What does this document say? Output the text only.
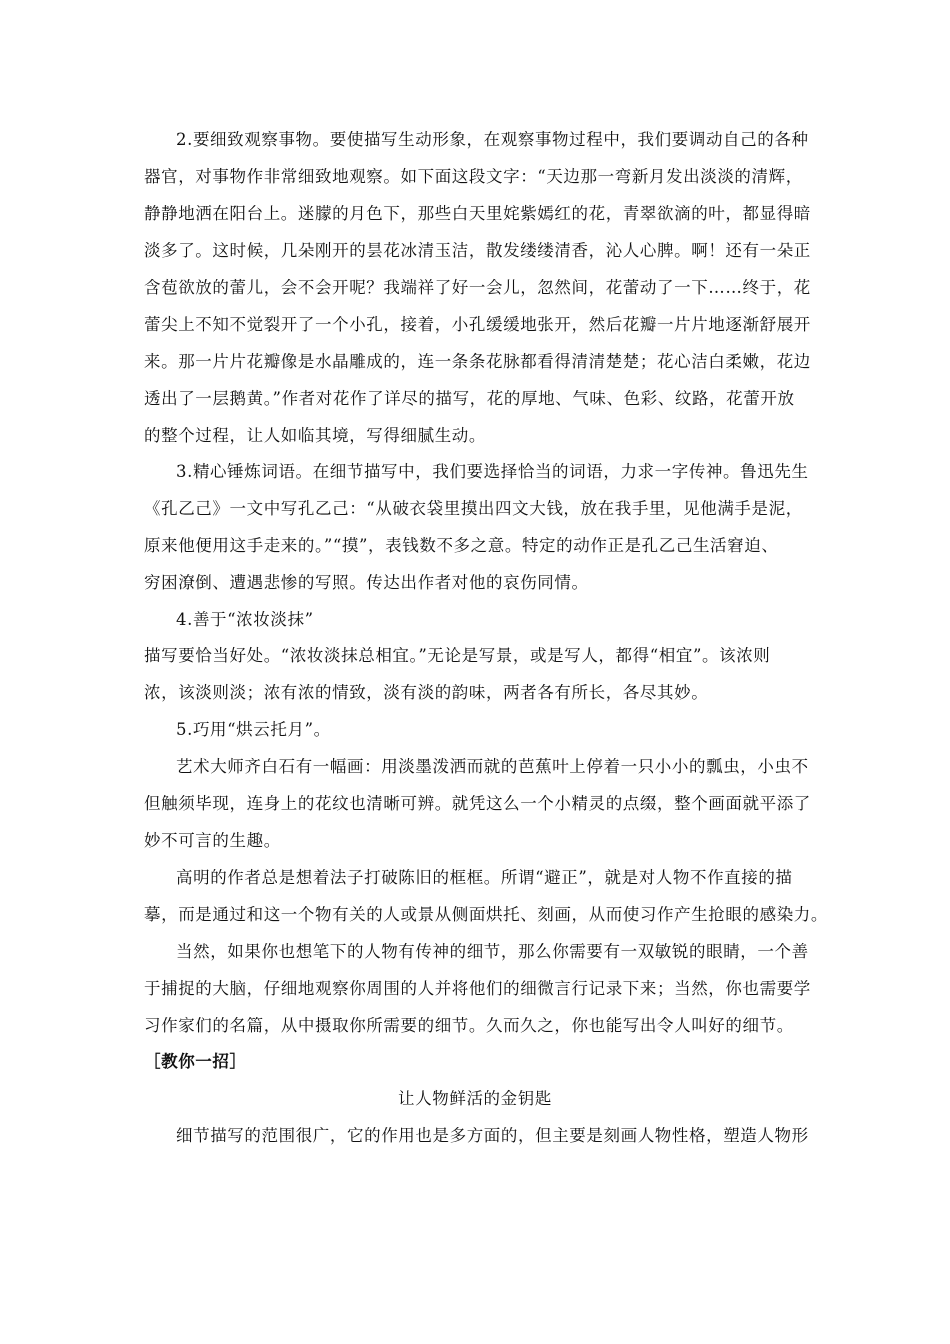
2.要细致观察事物。要使描写生动形象，在观察事物过程中，我们要调动自己的各种
器官，对事物作非常细致地观察。如下面这段文字：“天边那一弯新月发出淡淡的清辉，
静静地洒在阳台上。迷朦的月色下，那些白天里姹紫嫣红的花，青翠欲滴的叶，都显得暗
淡多了。这时候，几朵刚开的昙花冰清玉洁，散发缕缕清香，沁人心脾。啊！还有一朵正
含苞欲放的蕾儿，会不会开呢？我端祥了好一会儿，忽然间，花蕾动了一下……终于，花
蕾尖上不知不觉裂开了一个小孔，接着，小孔缓缓地张开，然后花瓣一片片地逐渐舒展开
来。那一片片花瓣像是水晶雕成的，连一条条花脉都看得清清楚楚；花心洁白柔嫩，花边
透出了一层鹅黄。”作者对花作了详尽的描写，花的厚地、气味、色彩、纹路，花蕾开放
的整个过程，让人如临其境，写得细腻生动。
3.精心锤炼词语。在细节描写中，我们要选择恰当的词语，力求一字传神。鲁迅先生
《孔乙己》一文中写孔乙己：“从破衣袋里摸出四文大钱，放在我手里，见他满手是泥，
原来他便用这手走来的。”“摸”，表钱数不多之意。特定的动作正是孔乙己生活窘迫、
穷困潦倒、遭遇悲惨的写照。传达出作者对他的哀伤同情。
4.善于“浓妆淡抹”
描写要恰当好处。“浓妆淡抹总相宜。”无论是写景，或是写人，都得“相宜”。该浓则
浓，该淡则淡；浓有浓的情致，淡有淡的韵味，两者各有所长，各尽其妙。
5.巧用“烘云托月”。
艺术大师齐白石有一幅画：用淡墨泼洒而就的芭蕉叶上停着一只小小的瓢虫，小虫不
但触须毕现，连身上的花纹也清晰可辨。就凭这么一个小精灵的点缀，整个画面就平添了
妙不可言的生趣。
高明的作者总是想着法子打破陈旧的框框。所谓“避正”，就是对人物不作直接的描
摹，而是通过和这一个物有关的人或景从侧面烘托、刻画，从而使习作产生抢眼的感染力。
当然，如果你也想笔下的人物有传神的细节，那么你需要有一双敏锐的眼睛，一个善
于捕捉的大脑，仔细地观察你周围的人并将他们的细微言行记录下来；当然，你也需要学
习作家们的名篇，从中摄取你所需要的细节。久而久之，你也能写出令人叫好的细节。
［教你一招］
让人物鲜活的金钥匙
细节描写的范围很广，它的作用也是多方面的，但主要是刻画人物性格，塑造人物形
